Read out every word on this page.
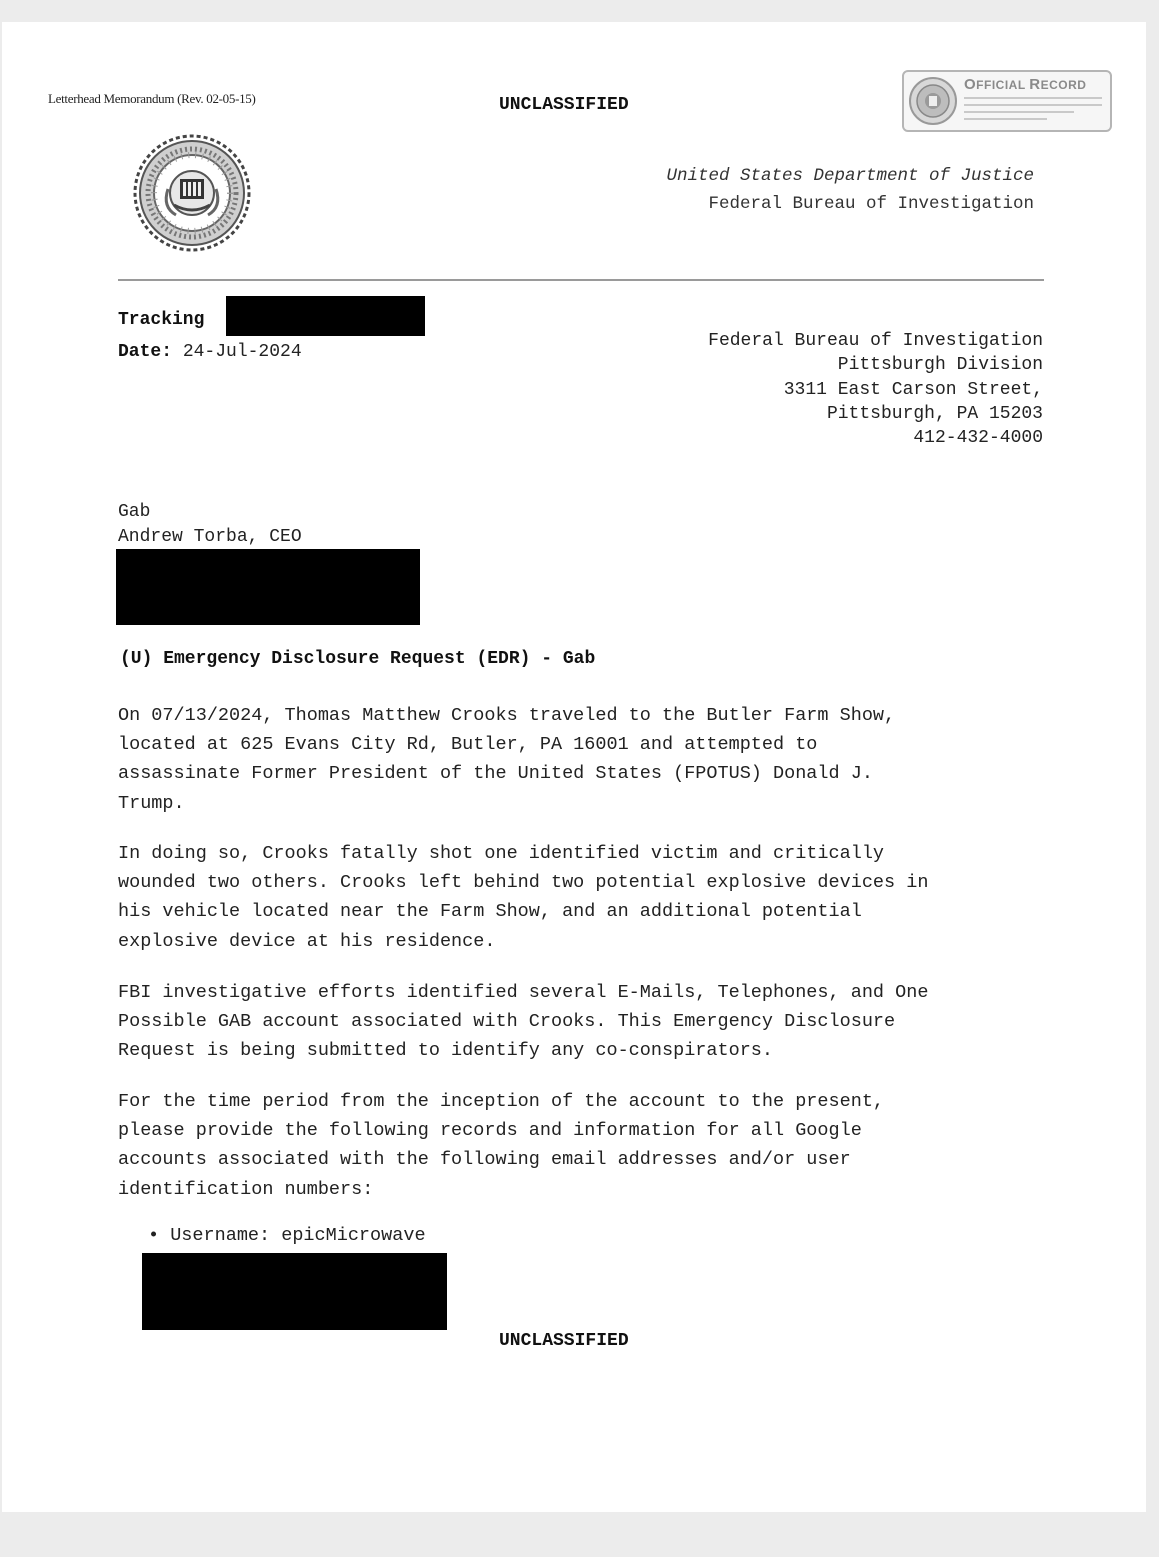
Letterhead Memorandum (Rev. 02-05-15)	UNCLASSIFIED
OFFICIAL RECORD
United States Department of Justice
Federal Bureau of Investigation
Tracking
Date: 24-Jul-2024
Federal Bureau of Investigation
Pittsburgh Division
3311 East Carson Street,
Pittsburgh, PA 15203
412-432-4000
Gab
Andrew Torba, CEO
(U) Emergency Disclosure Request (EDR) - Gab
On 07/13/2024, Thomas Matthew Crooks traveled to the Butler Farm Show,
located at 625 Evans City Rd, Butler, PA 16001 and attempted to
assassinate Former President of the United States (FPOTUS) Donald J.
Trump.
In doing so, Crooks fatally shot one identified victim and critically
wounded two others. Crooks left behind two potential explosive devices in
his vehicle located near the Farm Show, and an additional potential
explosive device at his residence.
FBI investigative efforts identified several E-Mails, Telephones, and One
Possible GAB account associated with Crooks. This Emergency Disclosure
Request is being submitted to identify any co-conspirators.
For the time period from the inception of the account to the present,
please provide the following records and information for all Google
accounts associated with the following email addresses and/or user
identification numbers:
• Username: epicMicrowave
UNCLASSIFIED
